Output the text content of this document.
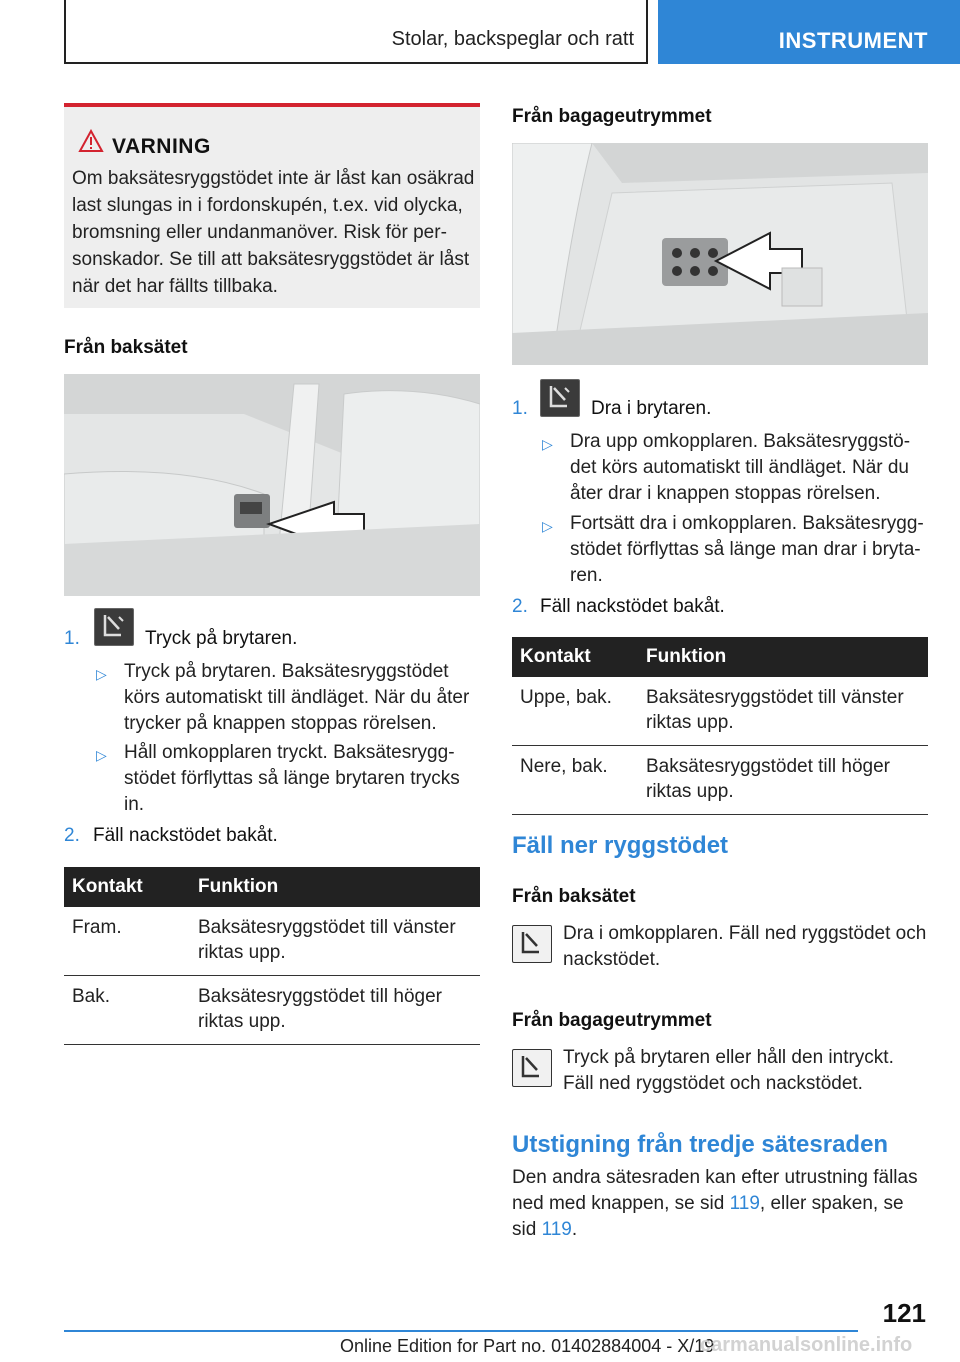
Stolar, backspeglar och ratt	INSTRUMENT
VARNING
Om baksätesryggstödet inte är låst kan osäkrad
last slungas in i fordonskupén, t.ex. vid olycka,
bromsning eller undanmanöver. Risk för per-
sonskador. Se till att baksätesryggstödet är låst
när det har fällts tillbaka.
Från baksätet
1.	Tryck på brytaren.
▷ Tryck på brytaren. Baksätesryggstödet
körs automatiskt till ändläget. När du åter
trycker på knappen stoppas rörelsen.
▷ Håll omkopplaren tryckt. Baksätesrygg-
stödet förflyttas så länge brytaren trycks
in.
2. Fäll nackstödet bakåt.
Kontakt	Funktion
Fram.	Baksätesryggstödet till vänster
riktas upp.

Bak.	Baksätesryggstödet till höger
riktas upp.
Från bagageutrymmet
1.	Dra i brytaren.
▷ Dra upp omkopplaren. Baksätesryggstö-
det körs automatiskt till ändläget. När du
åter drar i knappen stoppas rörelsen.
▷ Fortsätt dra i omkopplaren. Baksätesrygg-
stödet förflyttas så länge man drar i bryta-
ren.
2. Fäll nackstödet bakåt.
Kontakt	Funktion
Uppe, bak.	Baksätesryggstödet till vänster
riktas upp.

Nere, bak.	Baksätesryggstödet till höger
riktas upp.
Fäll ner ryggstödet
Från baksätet
Dra i omkopplaren. Fäll ned ryggstödet och
nackstödet.
Från bagageutrymmet
Tryck på brytaren eller håll den intryckt.
Fäll ned ryggstödet och nackstödet.
Utstigning från tredje sätesraden
Den andra sätesraden kan efter utrustning fällas
ned med knappen, se sid 119, eller spaken, se
sid 119.
121
Online Edition for Part no. 01402884004 - X/19
carmanualsonline.info
